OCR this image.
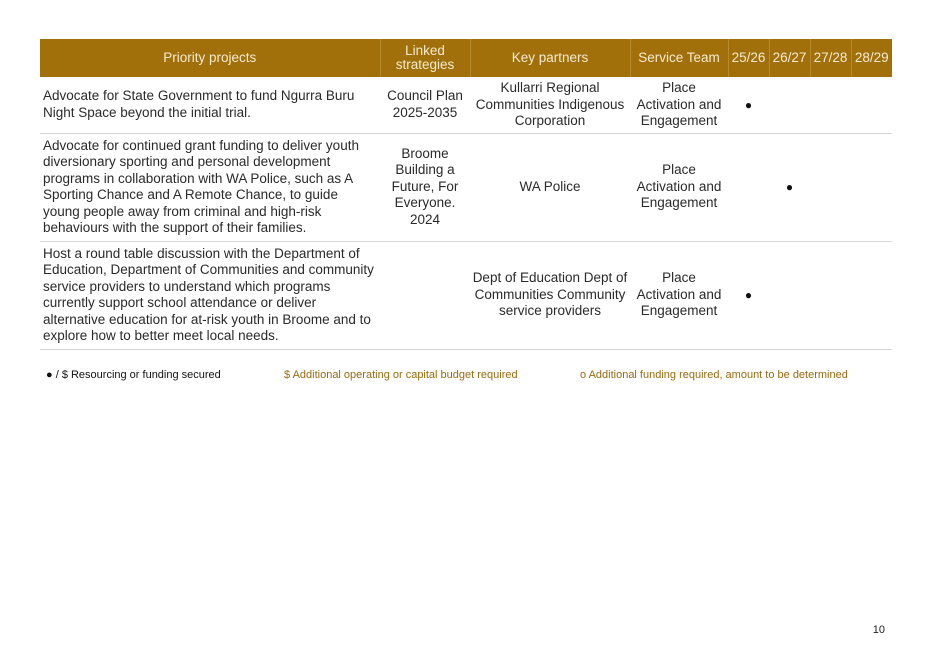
Priority projects	Linked strategies	Key partners	Service Team	25/26	26/27	27/28	28/29
Advocate for State Government to fund Ngurra Buru Night Space beyond the initial trial.	Council Plan 2025-2035	Kullarri Regional Communities Indigenous Corporation	Place Activation and Engagement	●			
Advocate for continued grant funding to deliver youth diversionary sporting and personal development programs in collaboration with WA Police, such as A Sporting Chance and A Remote Chance, to guide young people away from criminal and high-risk behaviours with the support of their families.	Broome Building a Future, For Everyone. 2024	WA Police	Place Activation and Engagement		●		
Host a round table discussion with the Department of Education, Department of Communities and community service providers to understand which programs currently support school attendance or deliver alternative education for at-risk youth in Broome and to explore how to better meet local needs.		Dept of Education Dept of Communities Community service providers	Place Activation and Engagement	●			
● / $ Resourcing or funding secured	$ Additional operating or capital budget required	o Additional funding required, amount to be determined
10
